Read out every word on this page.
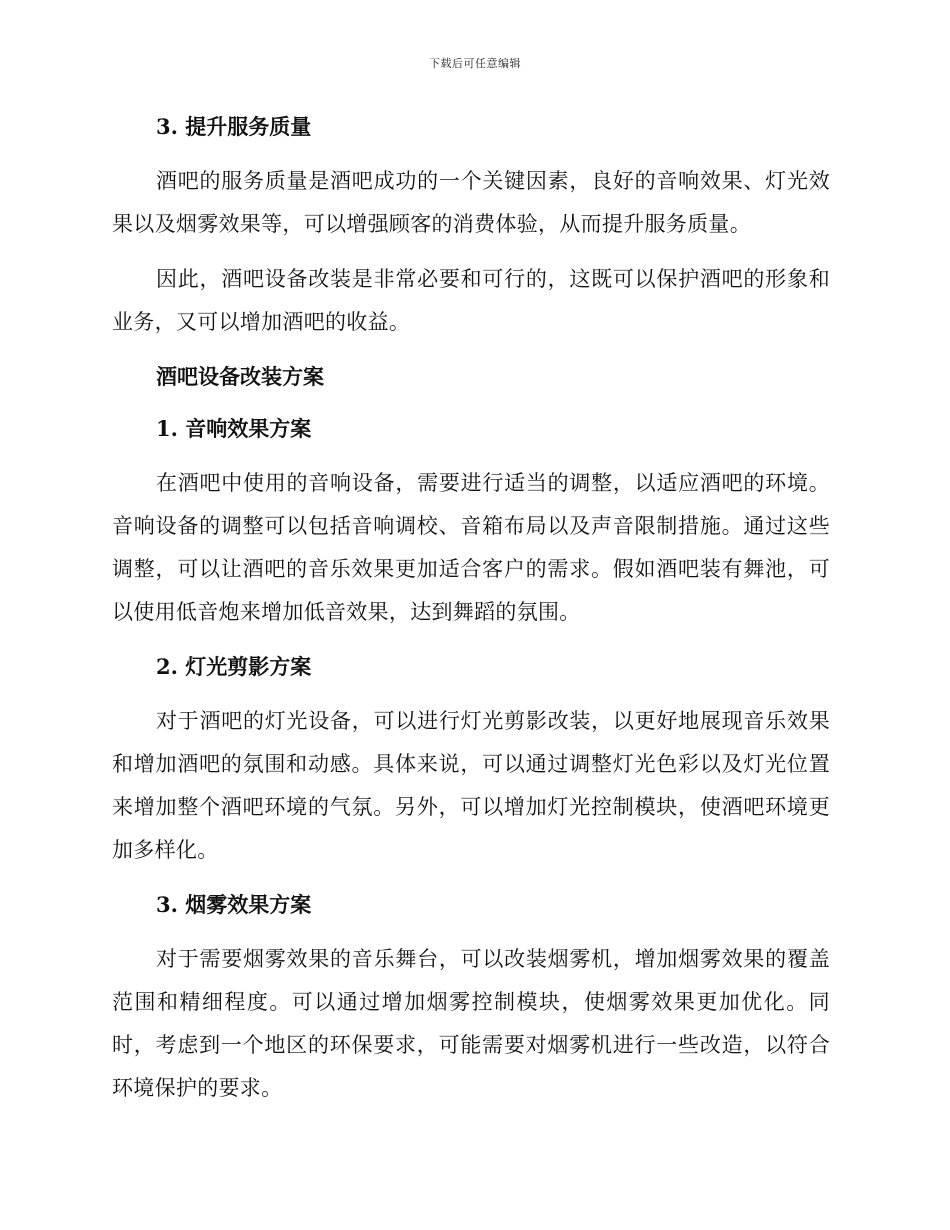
下载后可任意编辑
3. 提升服务质量

酒吧的服务质量是酒吧成功的一个关键因素，良好的音响效果、灯光效果以及烟雾效果等，可以增强顾客的消费体验，从而提升服务质量。

因此，酒吧设备改装是非常必要和可行的，这既可以保护酒吧的形象和业务，又可以增加酒吧的收益。

酒吧设备改装方案
1. 音响效果方案

在酒吧中使用的音响设备，需要进行适当的调整，以适应酒吧的环境。音响设备的调整可以包括音响调校、音箱布局以及声音限制措施。通过这些调整，可以让酒吧的音乐效果更加适合客户的需求。假如酒吧装有舞池，可以使用低音炮来增加低音效果，达到舞蹈的氛围。

2. 灯光剪影方案

对于酒吧的灯光设备，可以进行灯光剪影改装，以更好地展现音乐效果和增加酒吧的氛围和动感。具体来说，可以通过调整灯光色彩以及灯光位置来增加整个酒吧环境的气氛。另外，可以增加灯光控制模块，使酒吧环境更加多样化。

3. 烟雾效果方案

对于需要烟雾效果的音乐舞台，可以改装烟雾机，增加烟雾效果的覆盖范围和精细程度。可以通过增加烟雾控制模块，使烟雾效果更加优化。同时，考虑到一个地区的环保要求，可能需要对烟雾机进行一些改造，以符合环境保护的要求。
